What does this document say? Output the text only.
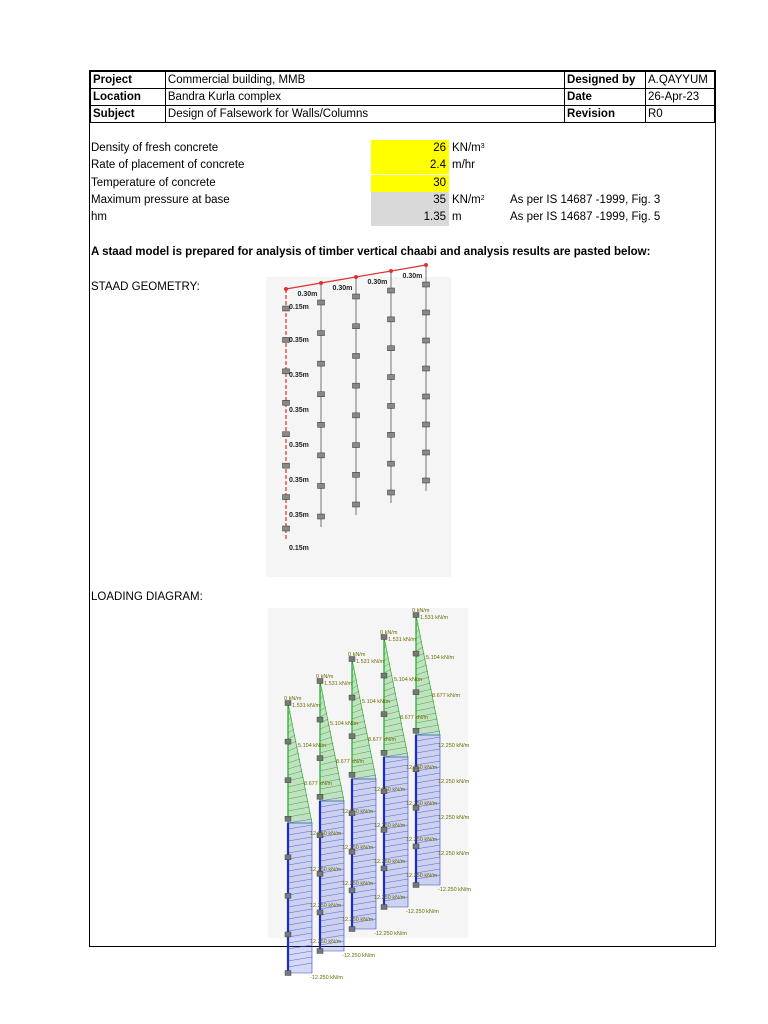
Project	Commercial building, MMB	Designed by	A.QAYYUM
Location	Bandra Kurla complex	Date	26-Apr-23
Subject	Design of Falsework for Walls/Columns	Revision	R0
Density of fresh concrete	26 $KN/m^3$
Rate of placement of concrete	2.4 m/hr
Temperature of concrete	30
Maximum pressure at base	35 $KN/m^2$ As per IS 14687 -1999, Fig. 3
hm	1.35 m	As per IS 14687 -1999, Fig. 5
A staad model is prepared for analysis of timber vertical chaabi and analysis results are pasted below:
STAAD GEOMETRY:
0.30m
0.30m
0.30m
0.30m
0.15m
0.35m
0.35m
0.35m
0.35m
0.35m
0.35m
0.15m
LOADING DIAGRAM:
0 kN/m
1.531 kN/m
5.104 kN/m
8.677 kN/m
12.250 kN/m
12.250 kN/m
12.250 kN/m
12.250 kN/m
-12.250 kN/m
0 kN/m
1.531 kN/m
5.104 kN/m
8.677 kN/m
12.250 kN/m
12.250 kN/m
12.250 kN/m
12.250 kN/m
-12.250 kN/m
0 kN/m
1.531 kN/m
5.104 kN/m
8.677 kN/m
12.250 kN/m
12.250 kN/m
12.250 kN/m
12.250 kN/m
-12.250 kN/m
0 kN/m
1.531 kN/m
5.104 kN/m
8.677 kN/m
12.250 kN/m
12.250 kN/m
12.250 kN/m
12.250 kN/m
-12.250 kN/m
0 kN/m
1.531 kN/m
5.104 kN/m
8.677 kN/m
12.250 kN/m
12.250 kN/m
12.250 kN/m
12.250 kN/m
-12.250 kN/m
